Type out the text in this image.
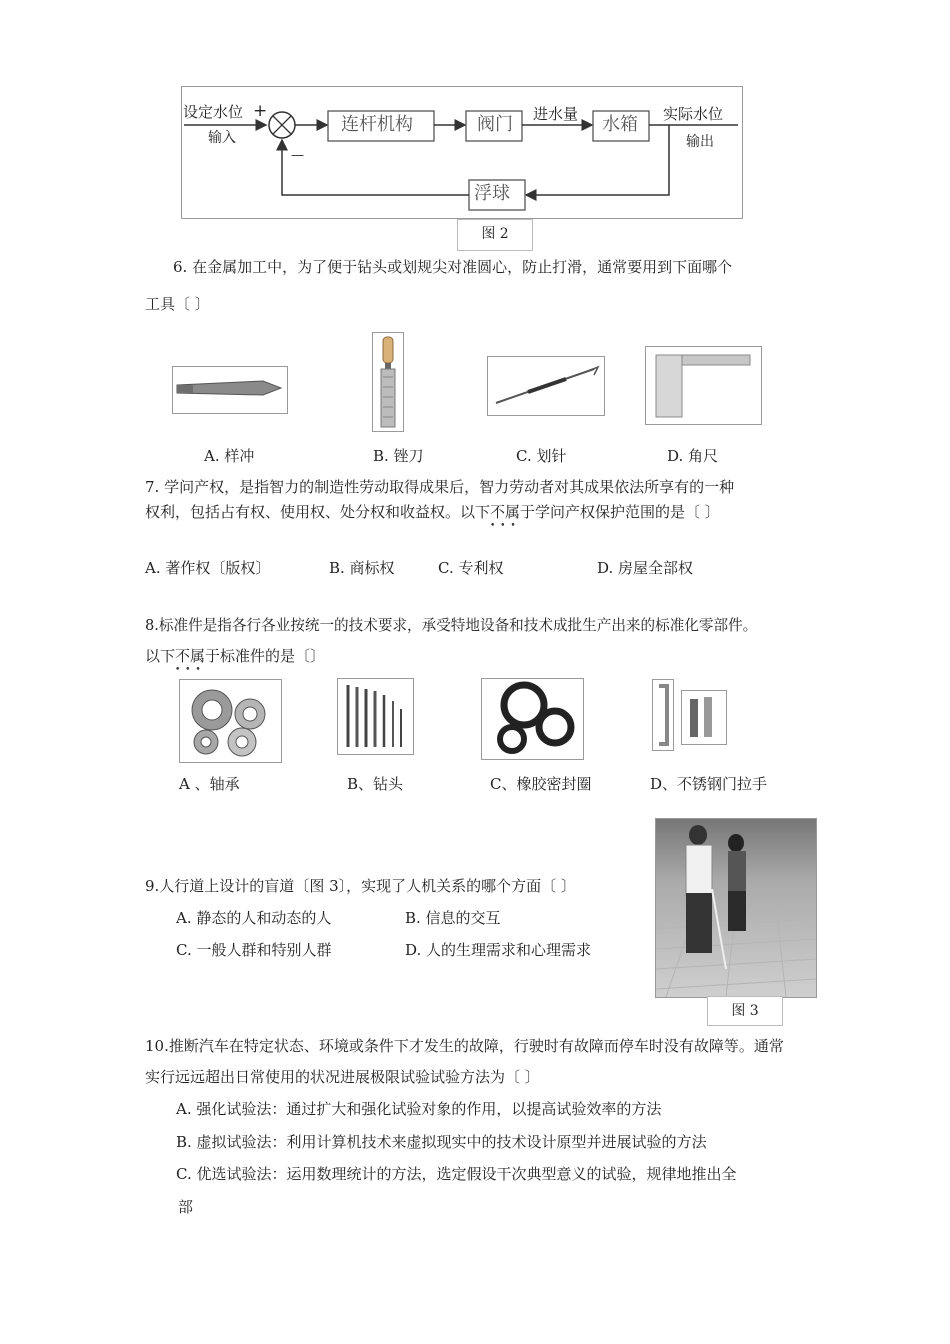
设定水位 +
输入
—
连杆机构	阀门 进水量 水箱 实际水位
输出
浮球
图 2
6. 在金属加工中，为了便于钻头或划规尖对准圆心，防止打滑，通常要用到下面哪个
工具〔 〕
A. 样冲	B. 锉刀	C. 划针	D. 角尺
7. 学问产权，是指智力的制造性劳动取得成果后，智力劳动者对其成果依法所享有的一种
权利，包括占有权、使用权、处分权和收益权。以下不属于 • • •学问产权保护范围的是〔 〕
A. 著作权〔版权〕	B. 商标权	C. 专利权	D. 房屋全部权
8.标准件是指各行各业按统一的技术要求，承受特地设备和技术成批生产出来的标准化零部件。
以下不属于 • • •标准件的是〔〕
A 、轴承	B、钻头	C、橡胶密封圈	D、不锈钢门拉手
9.人行道上设计的盲道〔图 3〕，实现了人机关系的哪个方面〔 〕
A. 静态的人和动态的人	B. 信息的交互
C. 一般人群和特别人群	D. 人的生理需求和心理需求
图 3
10.推断汽车在特定状态、环境或条件下才发生的故障，行驶时有故障而停车时没有故障等。通常
实行远远超出日常使用的状况进展极限试验试验方法为〔 〕
A. 强化试验法：通过扩大和强化试验对象的作用，以提高试验效率的方法
B. 虚拟试验法：利用计算机技术来虚拟现实中的技术设计原型并进展试验的方法
C. 优选试验法：运用数理统计的方法，选定假设干次典型意义的试验，规律地推出全
部
